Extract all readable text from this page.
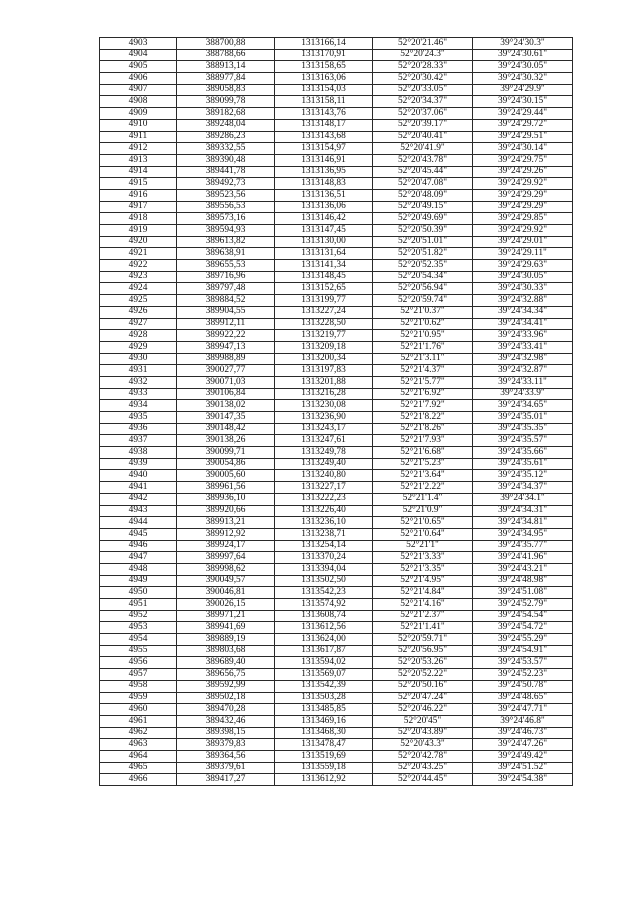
4903	388700,88	1313166,14	52°20'21.46"	39°24'30.3"
4904	388788,66	1313170,91	52°20'24.3"	39°24'30.61"
4905	388913,14	1313158,65	52°20'28.33"	39°24'30.05"
4906	388977,84	1313163,06	52°20'30.42"	39°24'30.32"
4907	389058,83	1313154,03	52°20'33.05"	39°24'29.9"
4908	389099,78	1313158,11	52°20'34.37"	39°24'30.15"
4909	389182,68	1313143,76	52°20'37.06"	39°24'29.44"
4910	389248,04	1313148,17	52°20'39.17"	39°24'29.72"
4911	389286,23	1313143,68	52°20'40.41"	39°24'29.51"
4912	389332,55	1313154,97	52°20'41.9"	39°24'30.14"
4913	389390,48	1313146,91	52°20'43.78"	39°24'29.75"
4914	389441,78	1313136,95	52°20'45.44"	39°24'29.26"
4915	389492,73	1313148,83	52°20'47.08"	39°24'29.92"
4916	389523,56	1313136,51	52°20'48.09"	39°24'29.29"
4917	389556,53	1313136,06	52°20'49.15"	39°24'29.29"
4918	389573,16	1313146,42	52°20'49.69"	39°24'29.85"
4919	389594,93	1313147,45	52°20'50.39"	39°24'29.92"
4920	389613,82	1313130,00	52°20'51.01"	39°24'29.01"
4921	389638,91	1313131,64	52°20'51.82"	39°24'29.11"
4922	389655,53	1313141,34	52°20'52.35"	39°24'29.63"
4923	389716,96	1313148,45	52°20'54.34"	39°24'30.05"
4924	389797,48	1313152,65	52°20'56.94"	39°24'30.33"
4925	389884,52	1313199,77	52°20'59.74"	39°24'32.88"
4926	389904,55	1313227,24	52°21'0.37"	39°24'34.34"
4927	389912,11	1313228,50	52°21'0.62"	39°24'34.41"
4928	389922,22	1313219,77	52°21'0.95"	39°24'33.96"
4929	389947,13	1313209,18	52°21'1.76"	39°24'33.41"
4930	389988,89	1313200,34	52°21'3.11"	39°24'32.98"
4931	390027,77	1313197,83	52°21'4.37"	39°24'32.87"
4932	390071,03	1313201,88	52°21'5.77"	39°24'33.11"
4933	390106,84	1313216,28	52°21'6.92"	39°24'33.9"
4934	390138,02	1313230,08	52°21'7.92"	39°24'34.65"
4935	390147,35	1313236,90	52°21'8.22"	39°24'35.01"
4936	390148,42	1313243,17	52°21'8.26"	39°24'35.35"
4937	390138,26	1313247,61	52°21'7.93"	39°24'35.57"
4938	390099,71	1313249,78	52°21'6.68"	39°24'35.66"
4939	390054,86	1313249,40	52°21'5.23"	39°24'35.61"
4940	390005,60	1313240,80	52°21'3.64"	39°24'35.12"
4941	389961,56	1313227,17	52°21'2.22"	39°24'34.37"
4942	389936,10	1313222,23	52°21'1.4"	39°24'34.1"
4943	389920,66	1313226,40	52°21'0.9"	39°24'34.31"
4944	389913,21	1313236,10	52°21'0.65"	39°24'34.81"
4945	389912,92	1313238,71	52°21'0.64"	39°24'34.95"
4946	389924,17	1313254,14	52°21'1"	39°24'35.77"
4947	389997,64	1313370,24	52°21'3.33"	39°24'41.96"
4948	389998,62	1313394,04	52°21'3.35"	39°24'43.21"
4949	390049,57	1313502,50	52°21'4.95"	39°24'48.98"
4950	390046,81	1313542,23	52°21'4.84"	39°24'51.08"
4951	390026,15	1313574,92	52°21'4.16"	39°24'52.79"
4952	389971,21	1313608,74	52°21'2.37"	39°24'54.54"
4953	389941,69	1313612,56	52°21'1.41"	39°24'54.72"
4954	389889,19	1313624,00	52°20'59.71"	39°24'55.29"
4955	389803,68	1313617,87	52°20'56.95"	39°24'54.91"
4956	389689,40	1313594,02	52°20'53.26"	39°24'53.57"
4957	389656,75	1313569,07	52°20'52.22"	39°24'52.23"
4958	389592,99	1313542,39	52°20'50.16"	39°24'50.78"
4959	389502,18	1313503,28	52°20'47.24"	39°24'48.65"
4960	389470,28	1313485,85	52°20'46.22"	39°24'47.71"
4961	389432,46	1313469,16	52°20'45"	39°24'46.8"
4962	389398,15	1313468,30	52°20'43.89"	39°24'46.73"
4963	389379,83	1313478,47	52°20'43.3"	39°24'47.26"
4964	389364,56	1313519,69	52°20'42.78"	39°24'49.42"
4965	389379,61	1313559,18	52°20'43.25"	39°24'51.52"
4966	389417,27	1313612,92	52°20'44.45"	39°24'54.38"
